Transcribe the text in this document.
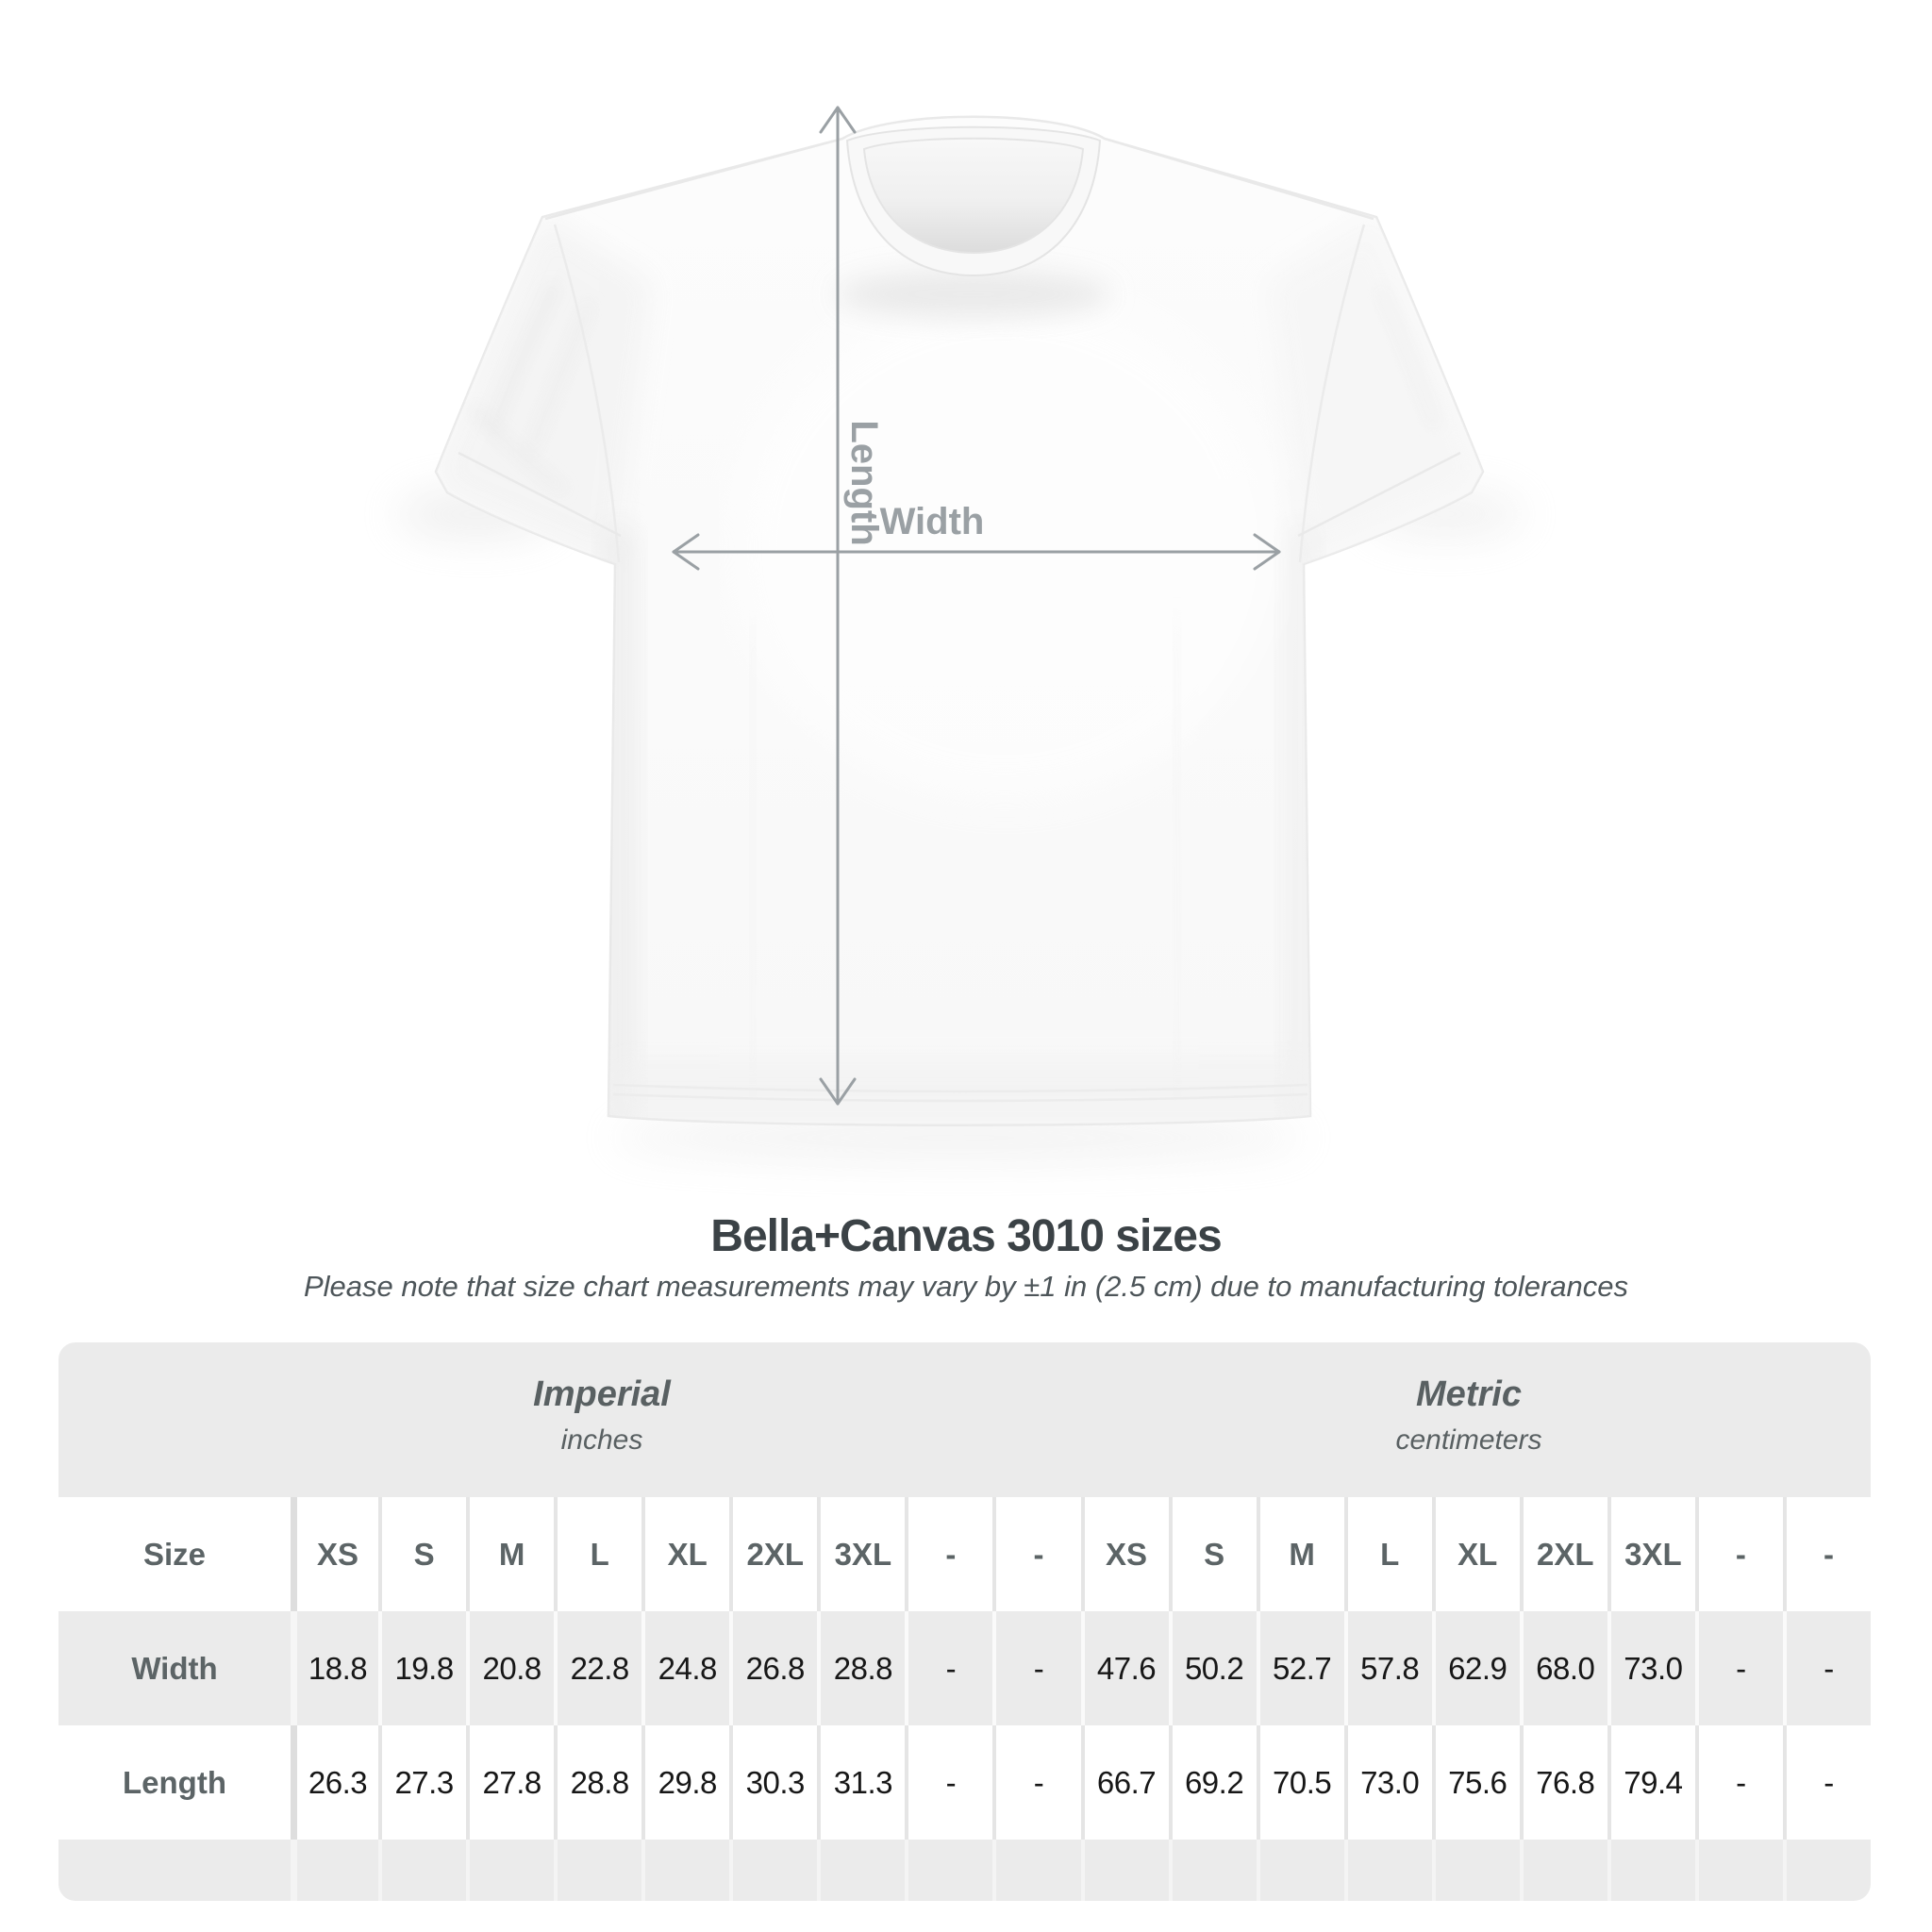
Width
Length
Bella+Canvas 3010 sizes
Please note that size chart measurements may vary by ±1 in (2.5 cm) due to manufacturing tolerances
Imperial
inches
Metric
centimeters
Size	XS	S	M	L	XL	2XL 3XL	-	-	XS	S	M	L	XL	2XL 3XL	-	-
Width	18.8 19.8 20.8 22.8 24.8 26.8 28.8	-	-	47.6 50.2 52.7 57.8 62.9 68.0 73.0	-	-
Length	26.3 27.3 27.8 28.8 29.8 30.3 31.3	-	-	66.7 69.2 70.5 73.0 75.6 76.8 79.4	-	-
